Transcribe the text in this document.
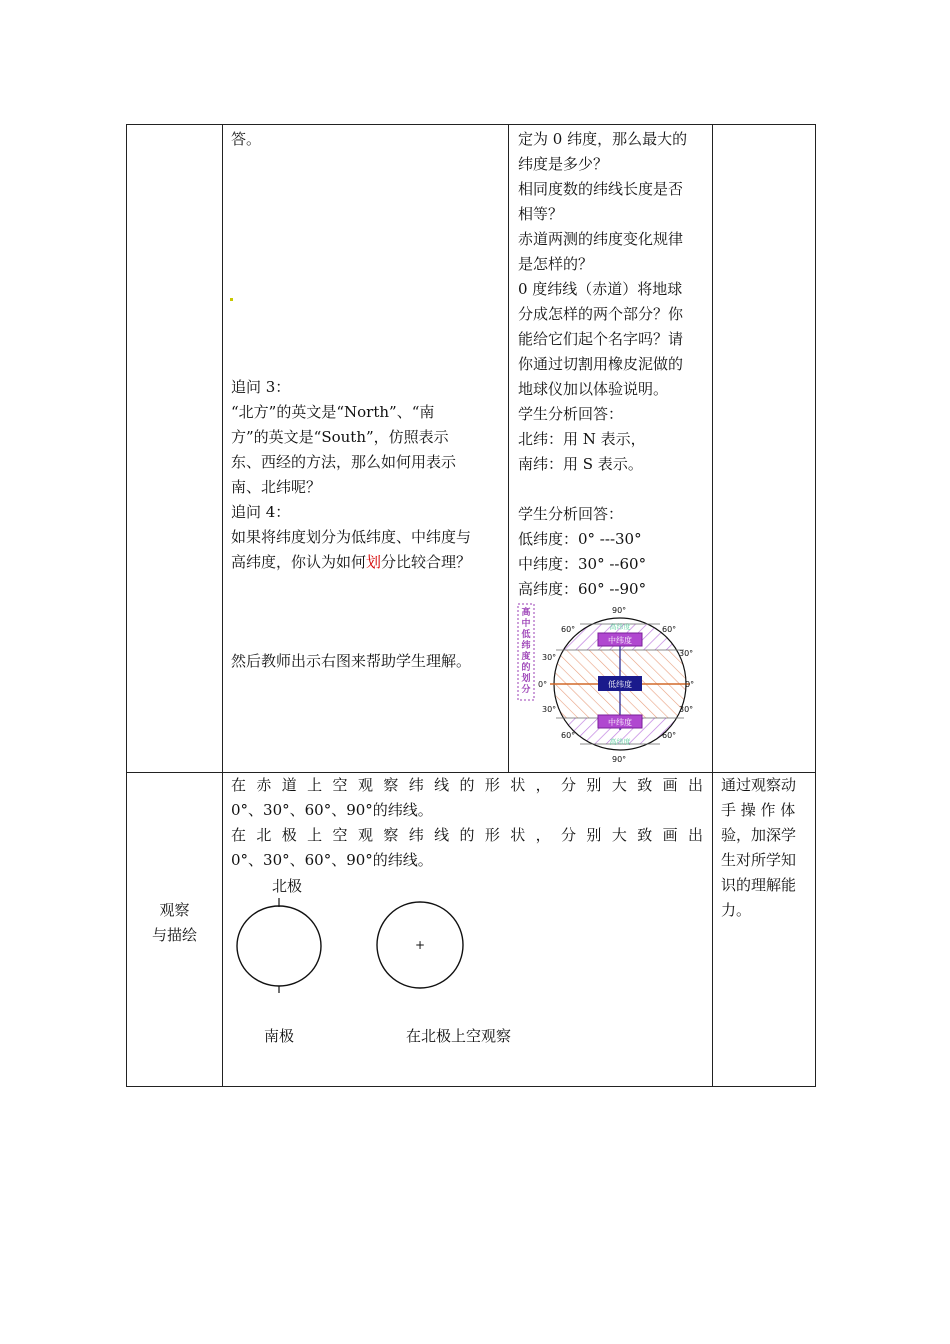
答。
追问 3：
“北方”的英文是“North”、“南
方”的英文是“South”，仿照表示
东、西经的方法，那么如何用表示
南、北纬呢？
追问 4：
如果将纬度划分为低纬度、中纬度与
高纬度，你认为如何划分比较合理？
然后教师出示右图来帮助学生理解。
定为 0 纬度，那么最大的
纬度是多少？
相同度数的纬线长度是否
相等？
赤道两测的纬度变化规律
是怎样的？
0 度纬线（赤道）将地球
分成怎样的两个部分？你
能给它们起个名字吗？请
你通过切割用橡皮泥做的
地球仪加以体验说明。
学生分析回答：
北纬：用 N 表示，
南纬：用 S 表示。

学生分析回答：
低纬度：0° ---30°
中纬度：30° --60°
高纬度：60° --90°
高
中
低
纬
度
的
划
分
中纬度
低纬度
中纬度
高纬度
高纬度
90°
90°
60°	60°
60°	60°
30°	30°
30°	30°
0°	0°
观察
与描绘
在赤道上空观察纬线的形状，分别大致画出
0°、30°、60°、90°的纬线。
在北极上空观察纬线的形状，分别大致画出
0°、30°、60°、90°的纬线。
北极
+
南极	在北极上空观察
通过观察动
手 操 作 体
验，加深学
生对所学知
识的理解能
力。
